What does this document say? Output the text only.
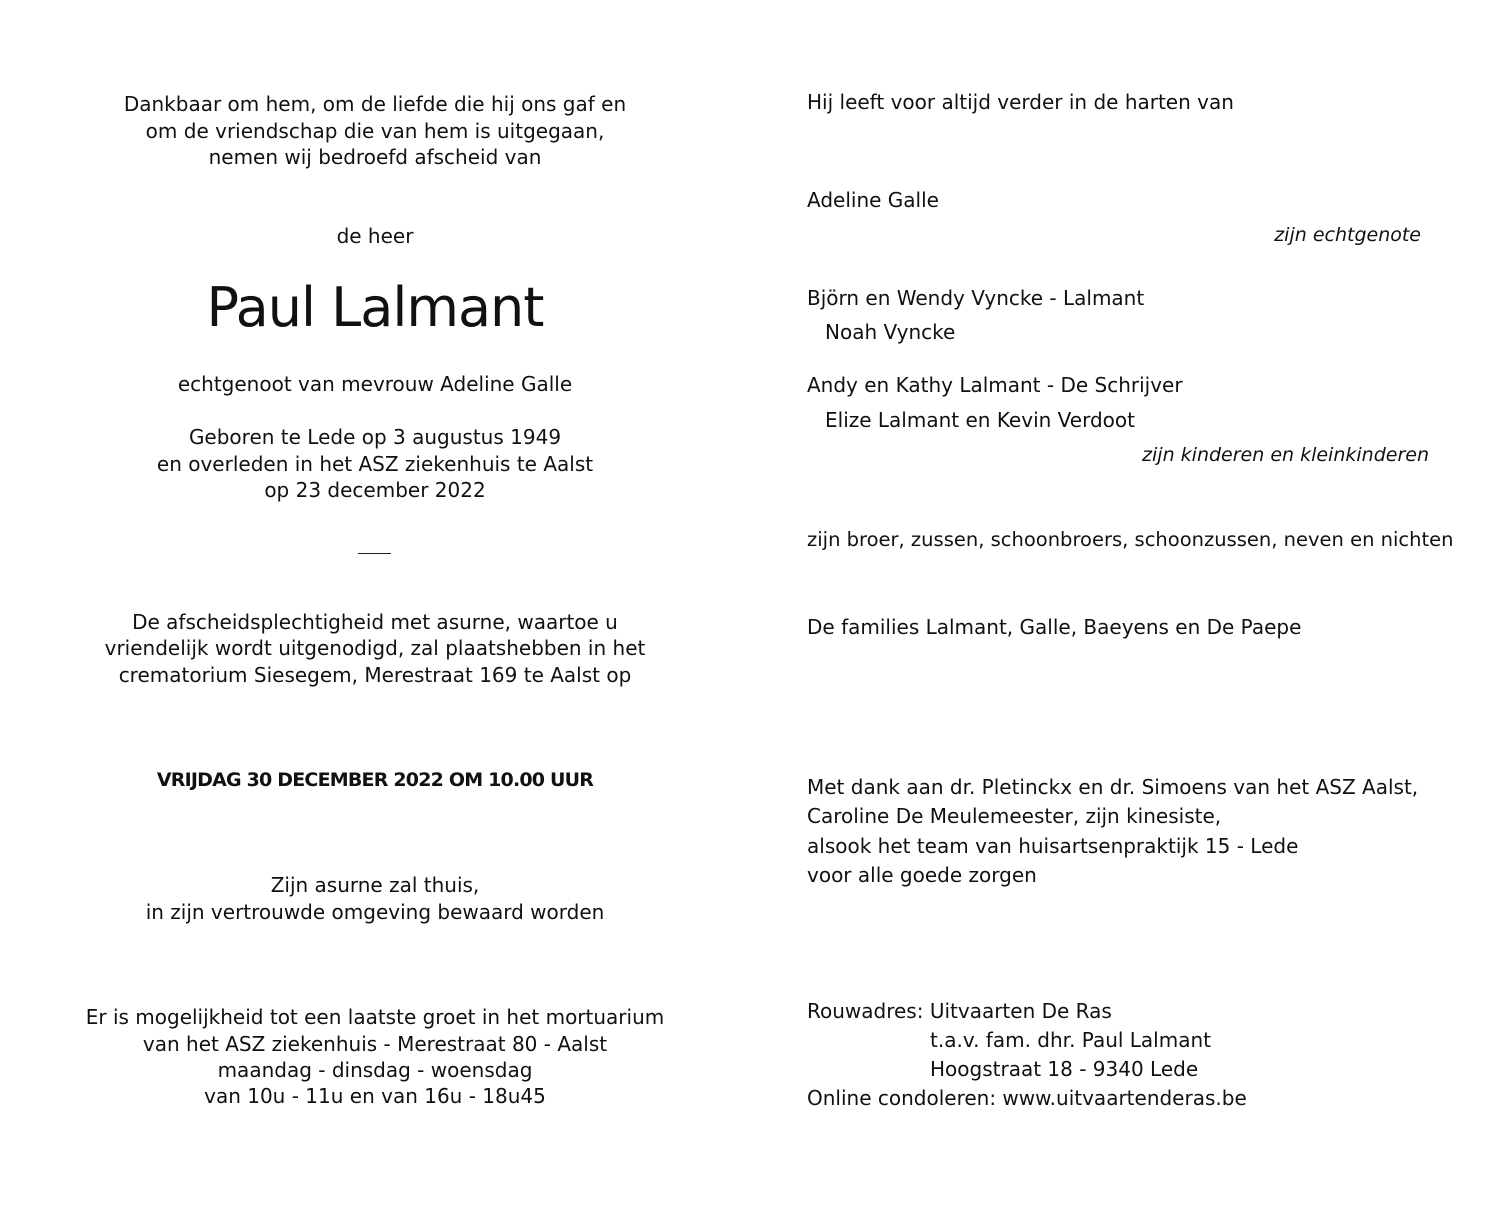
Dankbaar om hem, om de liefde die hij ons gaf en
om de vriendschap die van hem is uitgegaan,
nemen wij bedroefd afscheid van
de heer
Paul Lalmant
echtgenoot van mevrouw Adeline Galle
Geboren te Lede op 3 augustus 1949
en overleden in het ASZ ziekenhuis te Aalst
op 23 december 2022
De afscheidsplechtigheid met asurne, waartoe u
vriendelijk wordt uitgenodigd, zal plaatshebben in het
crematorium Siesegem, Merestraat 169 te Aalst op
VRIJDAG 30 DECEMBER 2022 OM 10.00 UUR
Zijn asurne zal thuis,
in zijn vertrouwde omgeving bewaard worden
Er is mogelijkheid tot een laatste groet in het mortuarium
van het ASZ ziekenhuis - Merestraat 80 - Aalst
maandag - dinsdag - woensdag
van 10u - 11u en van 16u - 18u45
Hij leeft voor altijd verder in de harten van
Adeline Galle
zijn echtgenote
Björn en Wendy Vyncke - Lalmant
Noah Vyncke
Andy en Kathy Lalmant - De Schrijver
Elize Lalmant en Kevin Verdoot
zijn kinderen en kleinkinderen
zijn broer, zussen, schoonbroers, schoonzussen, neven en nichten
De families Lalmant, Galle, Baeyens en De Paepe
Met dank aan dr. Pletinckx en dr. Simoens van het ASZ Aalst,
Caroline De Meulemeester, zijn kinesiste,
alsook het team van huisartsenpraktijk 15 - Lede
voor alle goede zorgen
Rouwadres: Uitvaarten De Ras
t.a.v. fam. dhr. Paul Lalmant
Hoogstraat 18 - 9340 Lede
Online condoleren: www.uitvaartenderas.be
